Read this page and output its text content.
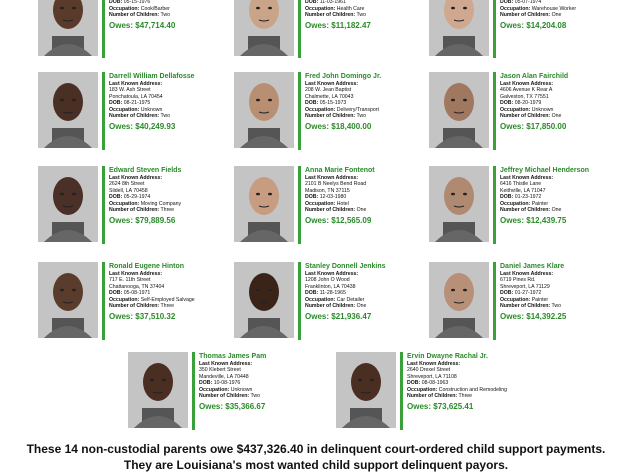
DOB: 05-15-1976
Occupation: Cook/Barber
Number of Children: Two
Owes: $47,714.40
DOB: 11-03-1961
Occupation: Health Care
Number of Children: Two
Owes: $11,182.47
DOB: 05-07-1974
Occupation: Warehouse Worker
Number of Children: One
Owes: $14,204.08
Darrell William Dellafosse
Last Known Address:
183 W. Ash Street
Ponchatoula, LA 70454
DOB: 08-21-1975
Occupation: Unknown
Number of Children: Two
Owes: $40,249.93
Fred John Domingo Jr.
Last Known Address:
208 W. Jean Baptist
Chalmette, LA 70043
DOB: 05-15-1973
Occupation: Delivery/Transport
Number of Children: Two
Owes: $18,400.00
Jason Alan Fairchild
Last Known Address:
4606 Avenue K Rear A
Galveston, TX 77551
DOB: 08-20-1979
Occupation: Unknown
Number of Children: One
Owes: $17,850.00
Edward Steven Fields
Last Known Address:
2624 8th Street
Slidell, LA 70458
DOB: 05-29-1974
Occupation: Moving Company
Number of Children: Three
Owes: $79,889.56
Anna Marie Fontenot
Last Known Address:
2101 B Neelys Bend Road
Madison, TN 37115
DOB: 12-03-1980
Occupation: Hotel
Number of Children: One
Owes: $12,565.09
Jeffrey Michael Henderson
Last Known Address:
6416 Thistle Lane
Keithville, LA 71047
DOB: 01-23-1972
Occupation: Painter
Number of Children: One
Owes: $12,439.75
Ronald Eugene Hinton
Last Known Address:
717 E. 11th Street
Chattanooga, TN 37404
DOB: 05-08-1971
Occupation: Self-Employed Salvage
Number of Children: Three
Owes: $37,510.32
Stanley Donnell Jenkins
Last Known Address:
1208 John O Wood
Franklinton, LA 70438
DOB: 11-28-1965
Occupation: Car Detailer
Number of Children: One
Owes: $21,936.47
Daniel James Klare
Last Known Address:
6719 Pines Rd.
Shreveport, LA 71129
DOB: 01-27-1972
Occupation: Painter
Number of Children: Two
Owes: $14,392.25
Thomas James Pam
Last Known Address:
350 Klebert Street
Mandeville, LA 70448
DOB: 10-08-1976
Occupation: Unknown
Number of Children: Two
Owes: $35,366.67
Ervin Dwayne Rachal Jr.
Last Known Address:
2640 Drexel Street
Shreveport, LA 71108
DOB: 08-08-1963
Occupation: Construction and Remodeling
Number of Children: Three
Owes: $73,625.41
These 14 non-custodial parents owe $437,326.40 in delinquent court-ordered child support payments.
They are Louisiana's most wanted child support delinquent payors.
